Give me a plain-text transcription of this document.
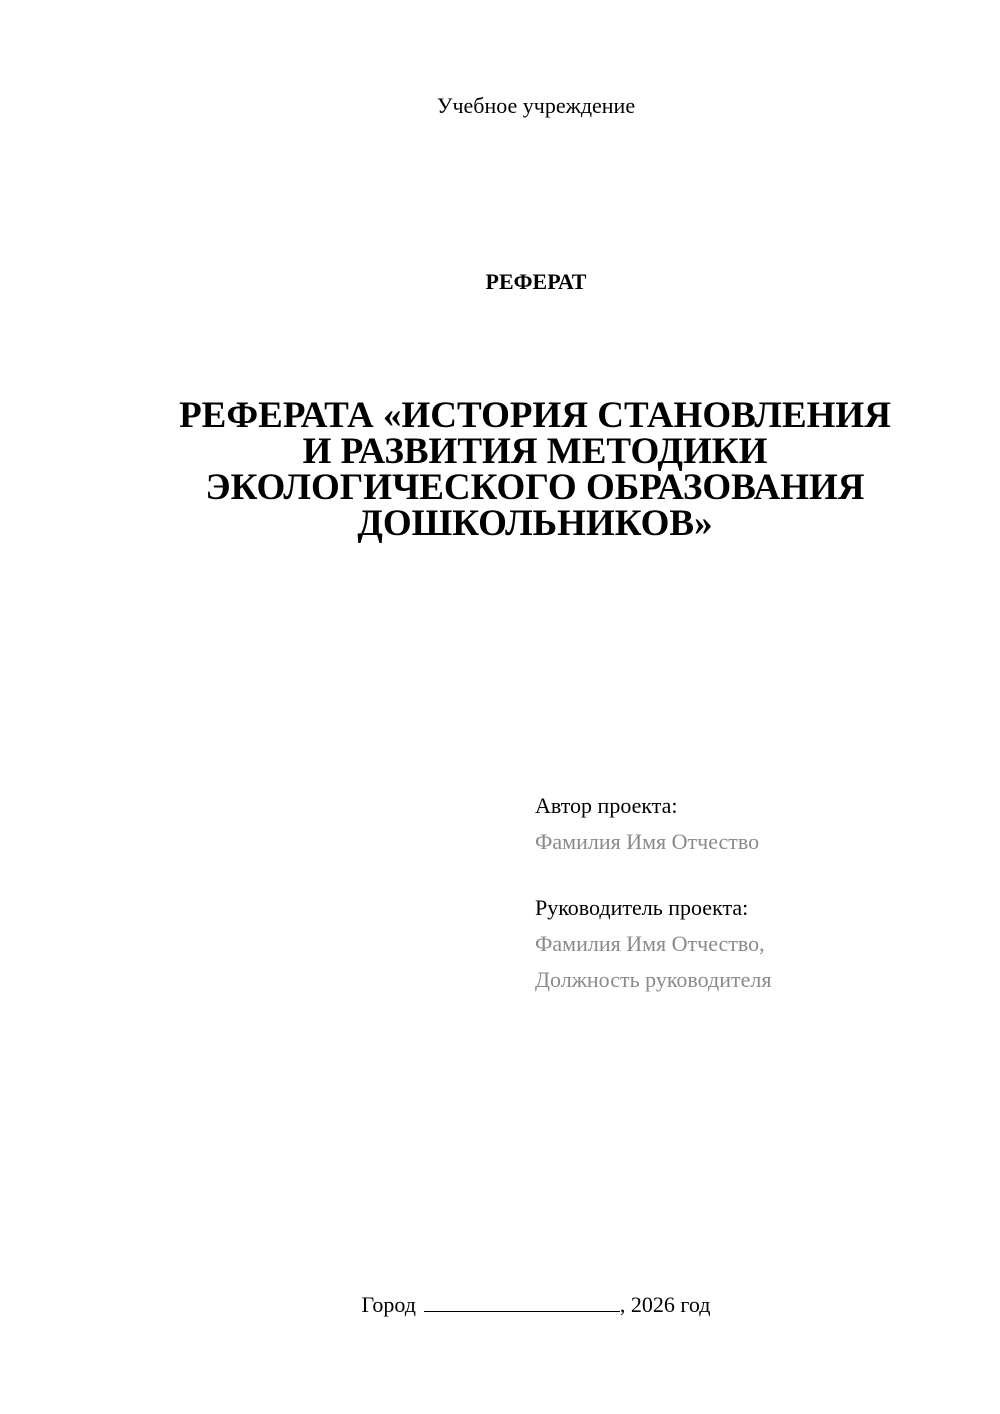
Учебное учреждение
РЕФЕРАТ
РЕФЕРАТА «ИСТОРИЯ СТАНОВЛЕНИЯ
И РАЗВИТИЯ МЕТОДИКИ
ЭКОЛОГИЧЕСКОГО ОБРАЗОВАНИЯ
ДОШКОЛЬНИКОВ»
Автор проекта:
Фамилия Имя Отчество
Руководитель проекта:
Фамилия Имя Отчество,
Должность руководителя
Город	, 2026 год
